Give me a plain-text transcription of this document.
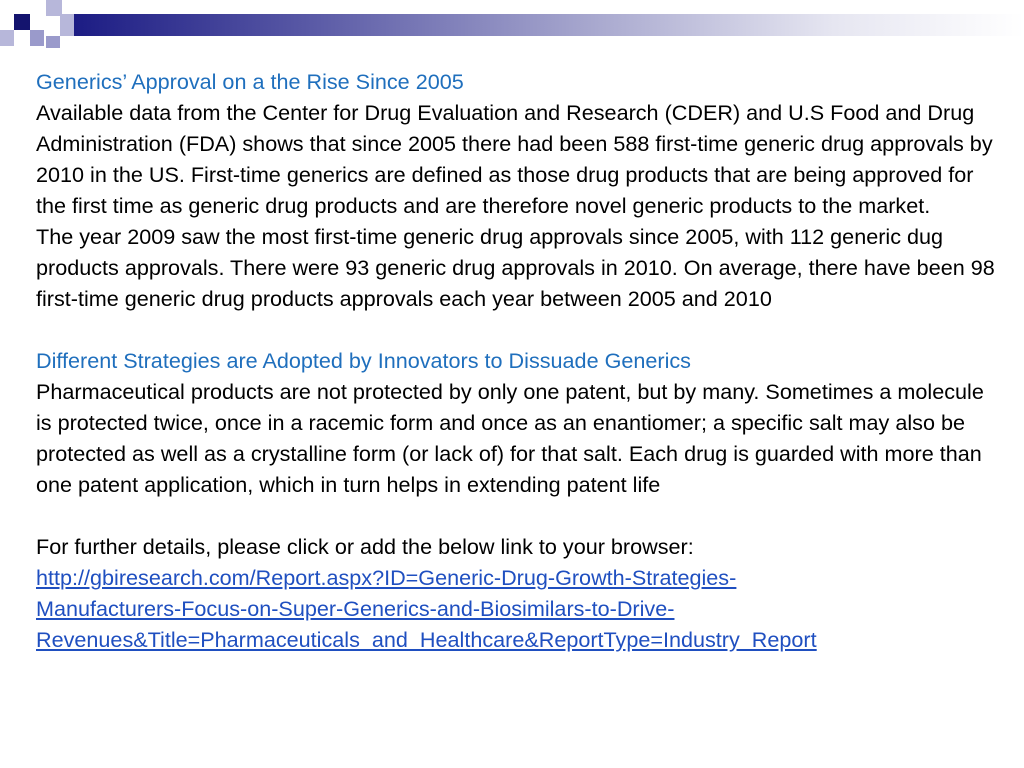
Generics’ Approval on a the Rise Since 2005

Available data from the Center for Drug Evaluation and Research (CDER) and U.S Food and Drug Administration (FDA) shows that since 2005 there had been 588 first-time generic drug approvals by 2010 in the US. First-time generics are defined as those drug products that are being approved for the first time as generic drug products and are therefore novel generic products to the market.

The year 2009 saw the most first-time generic drug approvals since 2005, with 112 generic dug products approvals. There were 93 generic drug approvals in 2010. On average, there have been 98 first-time generic drug products approvals each year between 2005 and 2010

Different Strategies are Adopted by Innovators to Dissuade Generics

Pharmaceutical products are not protected by only one patent, but by many. Sometimes a molecule is protected twice, once in a racemic form and once as an enantiomer; a specific salt may also be protected as well as a crystalline form (or lack of) for that salt. Each drug is guarded with more than one patent application, which in turn helps in extending patent life

For further details, please click or add the below link to your browser:

http://gbiresearch.com/Report.aspx?ID=Generic-Drug-Growth-Strategies-
Manufacturers-Focus-on-Super-Generics-and-Biosimilars-to-Drive-
Revenues&Title=Pharmaceuticals_and_Healthcare&ReportType=Industry_Report
